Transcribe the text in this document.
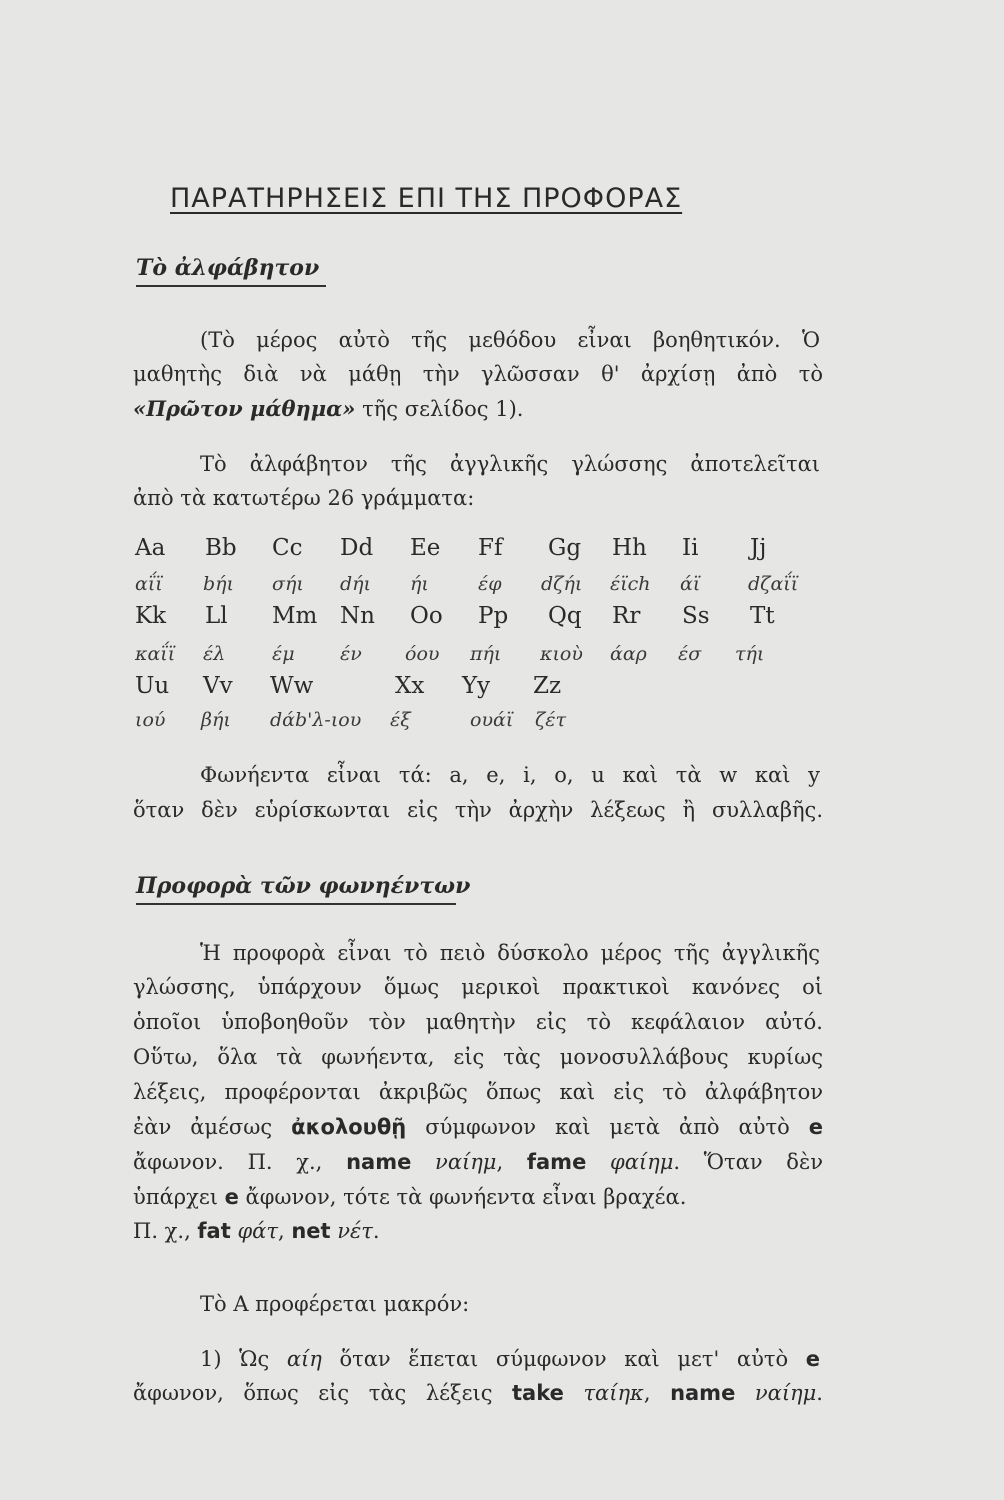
ΠΑΡΑΤΗΡΗΣΕΙΣ ΕΠΙ ΤΗΣ ΠΡΟΦΟΡΑΣ
Τὸ ἀλφάβητον
(Τὸ μέρος αὐτὸ τῆς μεθόδου εἶναι βοηθητικόν. Ὁ
μαθητὴς διὰ νὰ μάθῃ τὴν γλῶσσαν θ' ἀρχίσῃ ἀπὸ τὸ
«Πρῶτον μάθημα» τῆς σελίδος 1).
Τὸ ἀλφάβητον τῆς ἀγγλικῆς γλώσσης ἀποτελεῖται
ἀπὸ τὰ κατωτέρω 26 γράμματα:
Aa Bb Cc Dd Ee Ff Gg Hh Ii Jj
αΐϊ bήι σήι dήι ήι	έφ dζήι έϊch άϊ	dζαΐϊ
Kk Ll Mm Nn Oo Pp Qq Rr Ss Tt
καΐϊ έλ έμ έν όου πήι κιοὺ άαρ έσ τήι
Uu Vv Ww	Xx Yy Zz
ιού βήι dάb'λ-ιου έξ	ουάϊ ζέτ
Φωνήεντα εἶναι τά: a, e, i, o, u καὶ τὰ w καὶ y
ὅταν δὲν εὑρίσκωνται εἰς τὴν ἀρχὴν λέξεως ἢ συλλαβῆς.
Προφορὰ τῶν φωνηέντων
Ἡ προφορὰ εἶναι τὸ πειὸ δύσκολο μέρος τῆς ἀγγλικῆς
γλώσσης, ὑπάρχουν ὅμως μερικοὶ πρακτικοὶ κανόνες οἱ
ὁποῖοι ὑποβοηθοῦν τὸν μαθητὴν εἰς τὸ κεφάλαιον αὐτό.
Οὕτω, ὅλα τὰ φωνήεντα, εἰς τὰς μονοσυλλάβους κυρίως
λέξεις, προφέρονται ἀκριβῶς ὅπως καὶ εἰς τὸ ἀλφάβητον
ἐὰν ἀμέσως ἀκολουθῇ σύμφωνον καὶ μετὰ ἀπὸ αὐτὸ e
ἄφωνον. Π. χ., name ναίημ, fame φαίημ. Ὅταν δὲν
ὑπάρχει e ἄφωνον, τότε τὰ φωνήεντα εἶναι βραχέα.
Π. χ., fat φάτ, net νέτ.
Τὸ Α προφέρεται μακρόν:
1) Ὡς αίη ὅταν ἕπεται σύμφωνον καὶ μετ' αὐτὸ e
ἄφωνον, ὅπως εἰς τὰς λέξεις take ταίηκ, name ναίημ.
